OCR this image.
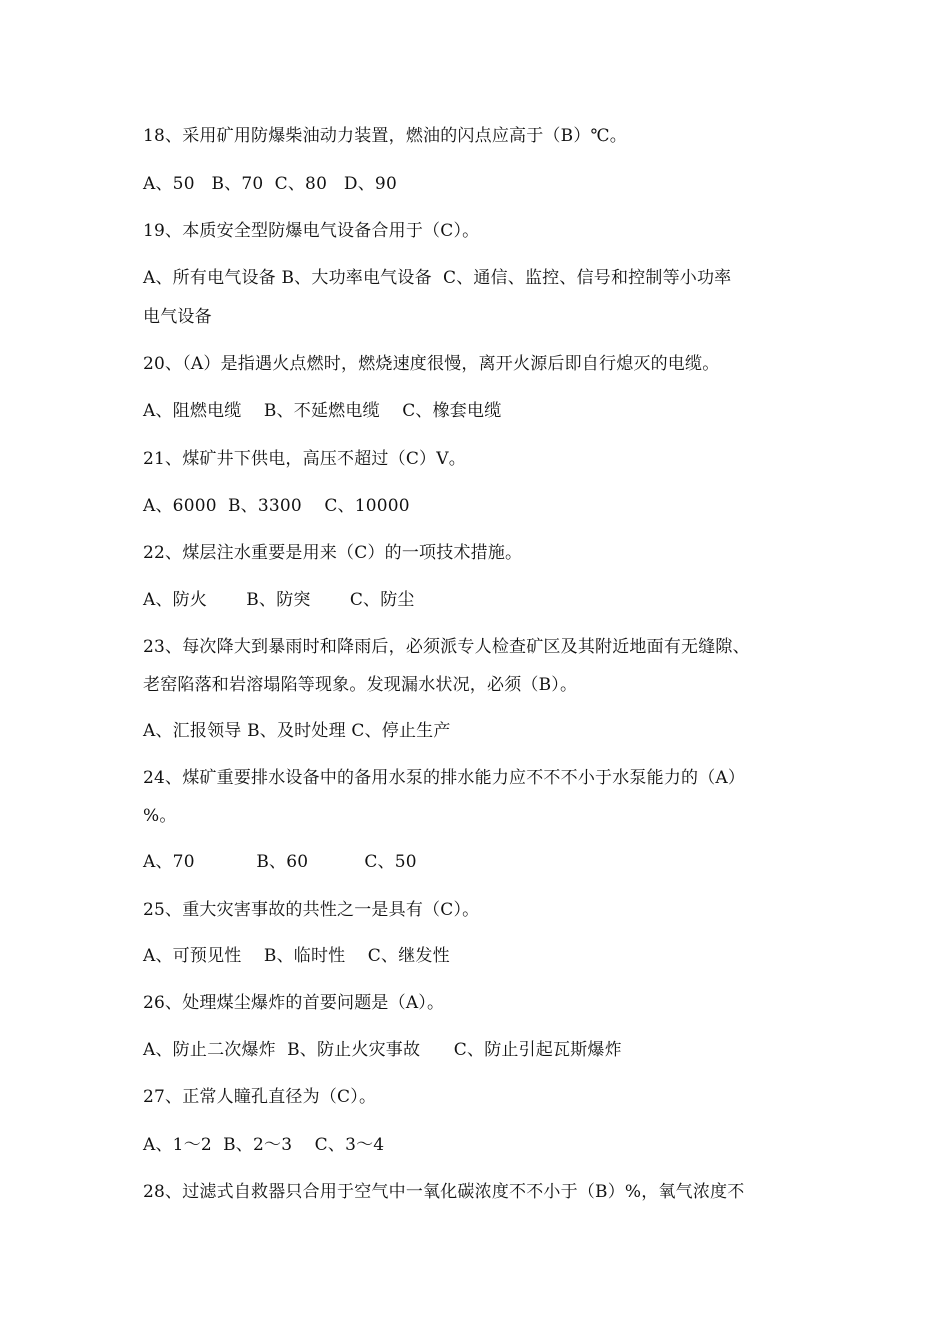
18、采用矿用防爆柴油动力装置，燃油的闪点应高于（B）℃。
A、50   B、70  C、80   D、90
19、本质安全型防爆电气设备合用于（C）。
A、所有电气设备 B、大功率电气设备  C、通信、监控、信号和控制等小功率
电气设备
20、（A）是指遇火点燃时，燃烧速度很慢，离开火源后即自行熄灭的电缆。
A、阻燃电缆    B、不延燃电缆    C、橡套电缆
21、煤矿井下供电，高压不超过（C）V。
A、6000  B、3300    C、10000
22、煤层注水重要是用来（C）的一项技术措施。
A、防火       B、防突       C、防尘
23、每次降大到暴雨时和降雨后，必须派专人检查矿区及其附近地面有无缝隙、
老窑陷落和岩溶塌陷等现象。发现漏水状况，必须（B）。
A、汇报领导 B、及时处理 C、停止生产
24、煤矿重要排水设备中的备用水泵的排水能力应不不不小于水泵能力的（A）
%。
A、70           B、60          C、50
25、重大灾害事故的共性之一是具有（C）。
A、可预见性    B、临时性    C、继发性
26、处理煤尘爆炸的首要问题是（A）。
A、防止二次爆炸  B、防止火灾事故      C、防止引起瓦斯爆炸
27、正常人瞳孔直径为（C）。
A、1～2  B、2～3    C、3～4
28、过滤式自救器只合用于空气中一氧化碳浓度不不小于（B）%，氧气浓度不
